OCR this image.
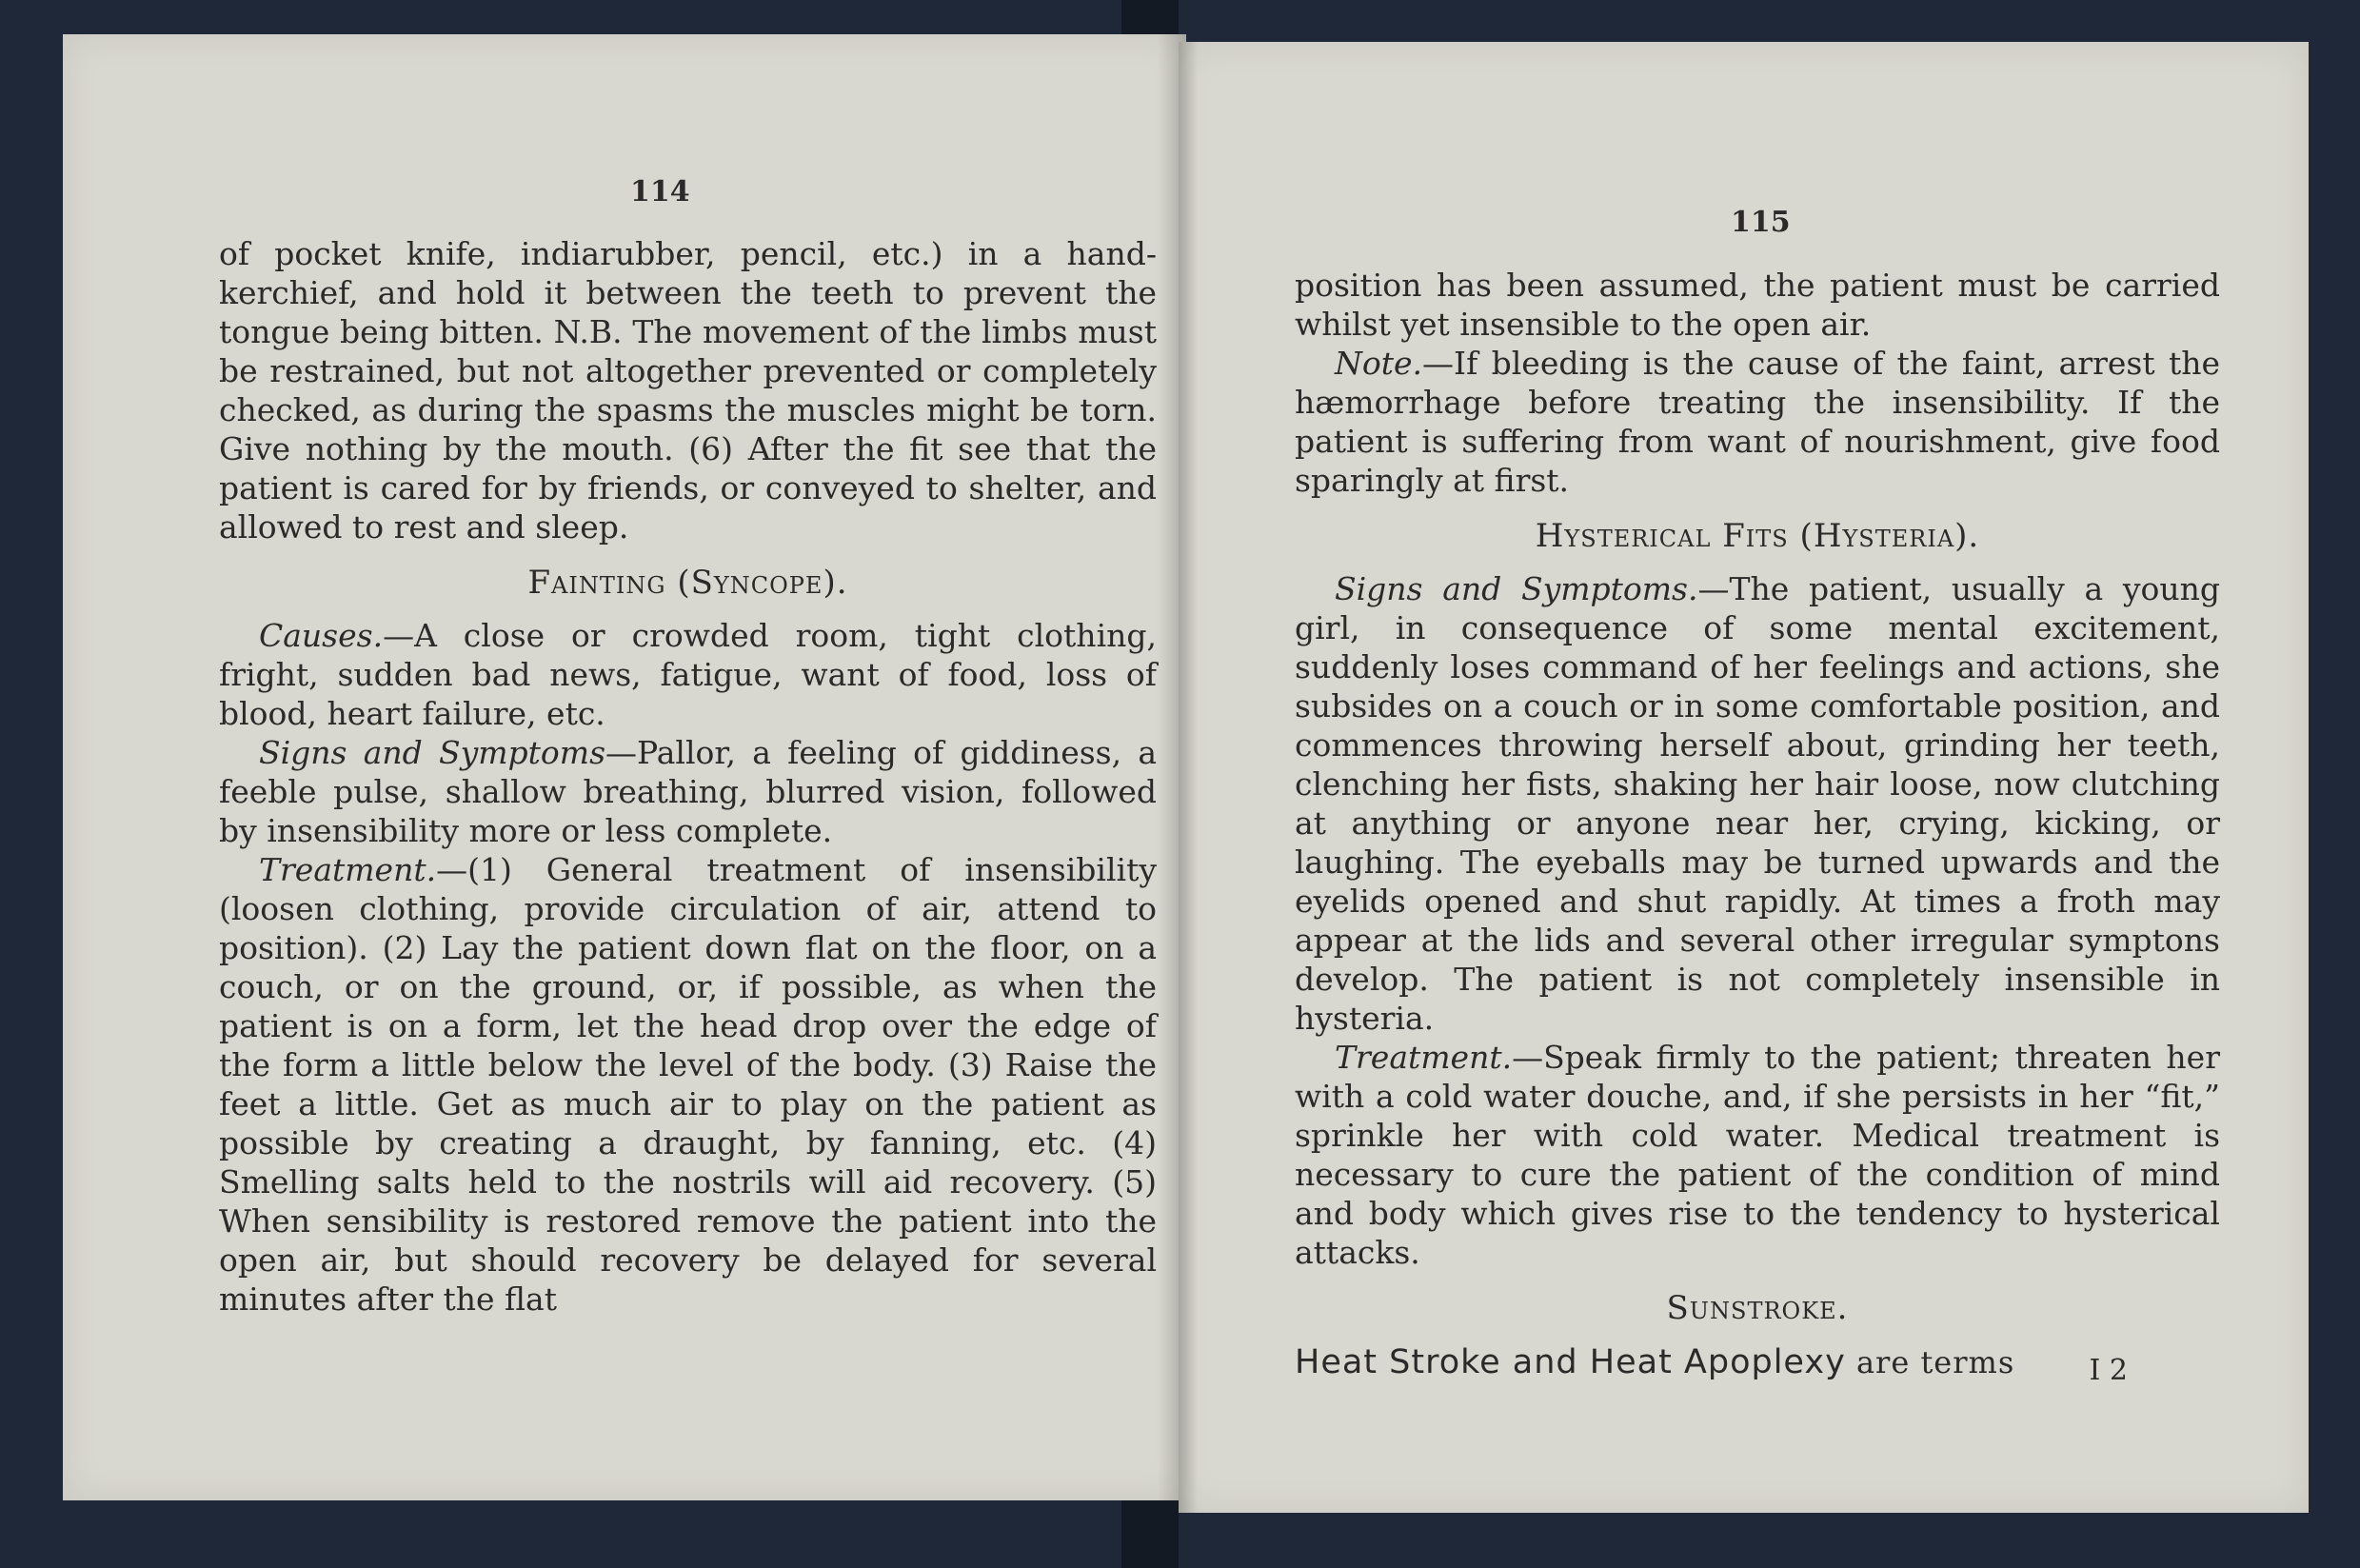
114

of pocket knife, indiarubber, pencil, etc.) in a hand-kerchief, and hold it between the teeth to prevent the tongue being bitten. N.B. The movement of the limbs must be restrained, but not altogether prevented or completely checked, as during the spasms the muscles might be torn. Give nothing by the mouth. (6) After the fit see that the patient is cared for by friends, or conveyed to shelter, and allowed to rest and sleep.

Fainting (Syncope).

Causes.—A close or crowded room, tight clothing, fright, sudden bad news, fatigue, want of food, loss of blood, heart failure, etc.

Signs and Symptoms—Pallor, a feeling of giddiness, a feeble pulse, shallow breathing, blurred vision, followed by insensibility more or less complete.

Treatment.—(1) General treatment of insensibility (loosen clothing, provide circulation of air, attend to position). (2) Lay the patient down flat on the floor, on a couch, or on the ground, or, if possible, as when the patient is on a form, let the head drop over the edge of the form a little below the level of the body. (3) Raise the feet a little. Get as much air to play on the patient as possible by creating a draught, by fanning, etc. (4) Smelling salts held to the nostrils will aid recovery. (5) When sensibility is restored remove the patient into the open air, but should recovery be delayed for several minutes after the flat

115

position has been assumed, the patient must be carried whilst yet insensible to the open air.

Note.—If bleeding is the cause of the faint, arrest the hæmorrhage before treating the insensibility. If the patient is suffering from want of nourishment, give food sparingly at first.

Hysterical Fits (Hysteria).

Signs and Symptoms.—The patient, usually a young girl, in consequence of some mental excitement, suddenly loses command of her feelings and actions, she subsides on a couch or in some comfortable position, and commences throwing herself about, grinding her teeth, clenching her fists, shaking her hair loose, now clutching at anything or anyone near her, crying, kicking, or laughing. The eyeballs may be turned upwards and the eyelids opened and shut rapidly. At times a froth may appear at the lids and several other irregular symptons develop. The patient is not completely insensible in hysteria.

Treatment.—Speak firmly to the patient; threaten her with a cold water douche, and, if she persists in her “fit,” sprinkle her with cold water. Medical treatment is necessary to cure the patient of the condition of mind and body which gives rise to the tendency to hysterical attacks.

Sunstroke.
Heat Stroke and Heat Apoplexy are terms	I 2
